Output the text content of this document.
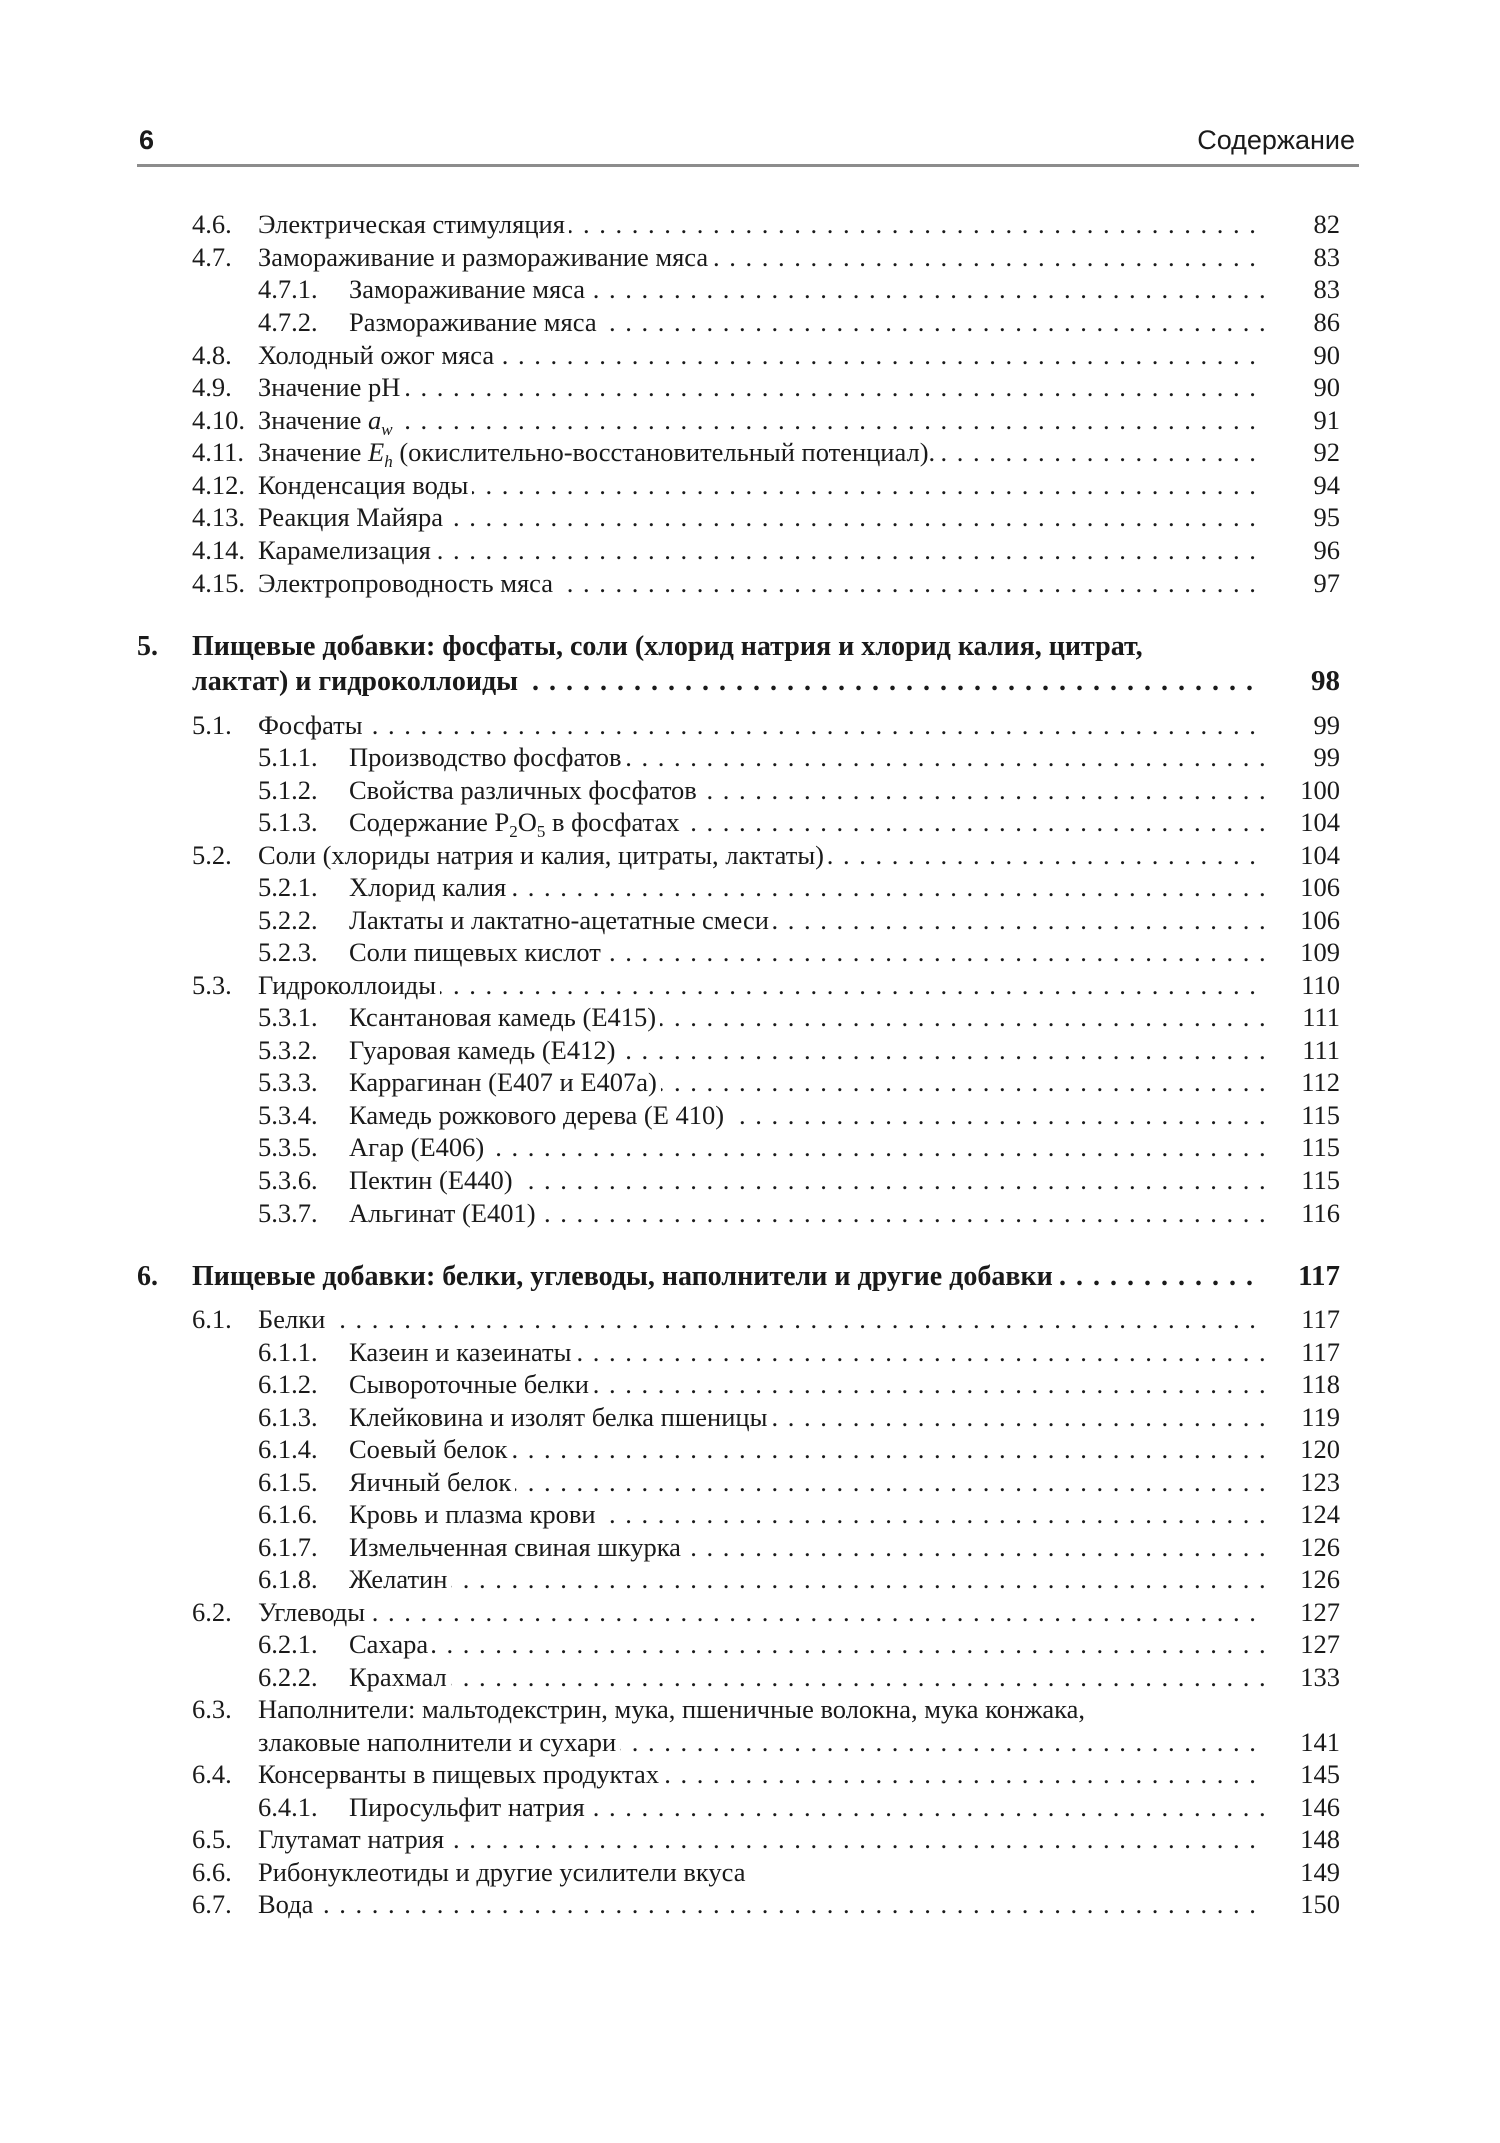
6	Содержание
4.6. Электрическая стимуляция . . .	82
4.7. Замораживание и размораживание мяса . . .	83
4.7.1. Замораживание мяса . . .	83
4.7.2. Размораживание мяса . . .	86
4.8. Холодный ожог мяса . . .	90
4.9. Значение pH . . .	90
4.10. Значение $a_w$ . . .	91
4.11. Значение $E_h$ (окислительно-восстановительный потенциал). . . .	92
4.12. Конденсация воды . . .	94
4.13. Реакция Майяра . . .	95
4.14. Карамелизация . . .	96
4.15. Электропроводность мяса . . .	97
5. Пищевые добавки: фосфаты, соли (хлорид натрия и хлорид калия, цитрат,
лактат) и гидроколлоиды . . .	98
5.1. Фосфаты . . .	99
5.1.1. Производство фосфатов . . .	99
5.1.2. Свойства различных фосфатов . . .	100
5.1.3. Содержание $P_2O_5$ в фосфатах . . .	104
5.2. Соли (хлориды натрия и калия, цитраты, лактаты) . . .	104
5.2.1. Хлорид калия . . .	106
5.2.2. Лактаты и лактатно-ацетатные смеси . . .	106
5.2.3. Соли пищевых кислот . . .	109
5.3. Гидроколлоиды . . .	110
5.3.1. Ксантановая камедь (E415) . . .	111
5.3.2. Гуаровая камедь (E412) . . .	111
5.3.3. Каррагинан (E407 и E407a) . . .	112
5.3.4. Камедь рожкового дерева (E 410) . . .	115
5.3.5. Агар (E406) . . .	115
5.3.6. Пектин (E440) . . .	115
5.3.7. Альгинат (E401) . . .	116
6. Пищевые добавки: белки, углеводы, наполнители и другие добавки . . .	117
6.1. Белки . . .	117
6.1.1. Казеин и казеинаты . . .	117
6.1.2. Сывороточные белки . . .	118
6.1.3. Клейковина и изолят белка пшеницы . . .	119
6.1.4. Соевый белок . . .	120
6.1.5. Яичный белок . . .	123
6.1.6. Кровь и плазма крови . . .	124
6.1.7. Измельченная свиная шкурка . . .	126
6.1.8. Желатин . . .	126
6.2. Углеводы . . .	127
6.2.1. Сахара . . .	127
6.2.2. Крахмал . . .	133
6.3. Наполнители: мальтодекстрин, мука, пшеничные волокна, мука конжака,
злаковые наполнители и сухари . . .	141
6.4. Консерванты в пищевых продуктах . . .	145
6.4.1. Пиросульфит натрия . . .	146
6.5. Глутамат натрия . . .	148
6.6. Рибонуклеотиды и другие усилители вкуса	149
6.7. Вода . . .	150
